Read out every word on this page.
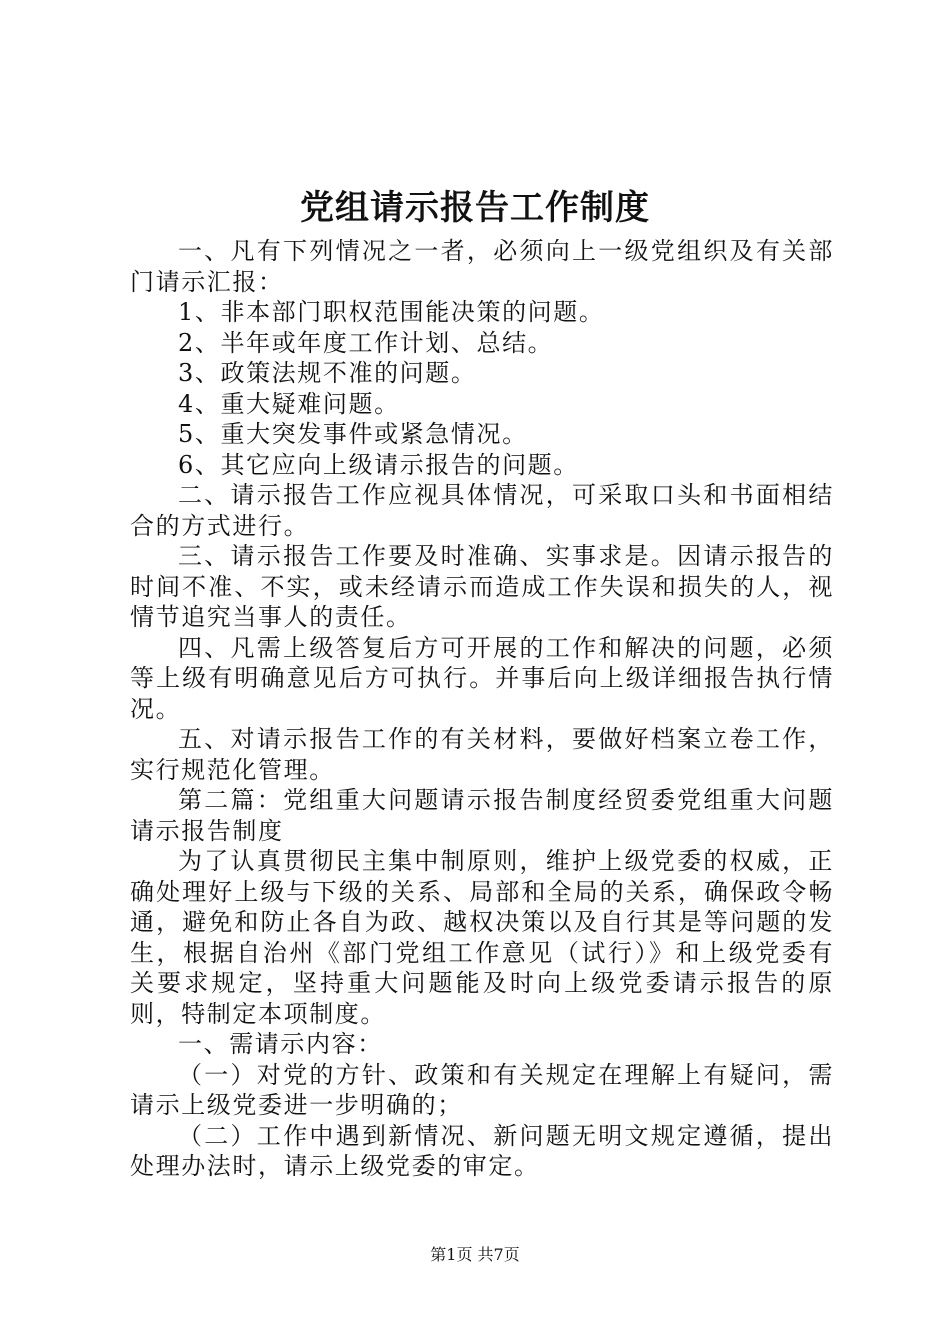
党组请示报告工作制度

一、凡有下列情况之一者，必须向上一级党组织及有关部门请示汇报：

1、非本部门职权范围能决策的问题。

2、半年或年度工作计划、总结。

3、政策法规不准的问题。

4、重大疑难问题。

5、重大突发事件或紧急情况。

6、其它应向上级请示报告的问题。

二、请示报告工作应视具体情况，可采取口头和书面相结合的方式进行。

三、请示报告工作要及时准确、实事求是。因请示报告的时间不准、不实，或未经请示而造成工作失误和损失的人，视情节追究当事人的责任。

四、凡需上级答复后方可开展的工作和解决的问题，必须等上级有明确意见后方可执行。并事后向上级详细报告执行情况。

五、对请示报告工作的有关材料，要做好档案立卷工作，实行规范化管理。

第二篇：党组重大问题请示报告制度经贸委党组重大问题请示报告制度

为了认真贯彻民主集中制原则，维护上级党委的权威，正确处理好上级与下级的关系、局部和全局的关系，确保政令畅通，避免和防止各自为政、越权决策以及自行其是等问题的发生，根据自治州《部门党组工作意见（试行）》和上级党委有关要求规定，坚持重大问题能及时向上级党委请示报告的原则，特制定本项制度。

一、需请示内容：

（一）对党的方针、政策和有关规定在理解上有疑问，需请示上级党委进一步明确的；

（二）工作中遇到新情况、新问题无明文规定遵循，提出处理办法时，请示上级党委的审定。

第1页 共7页
